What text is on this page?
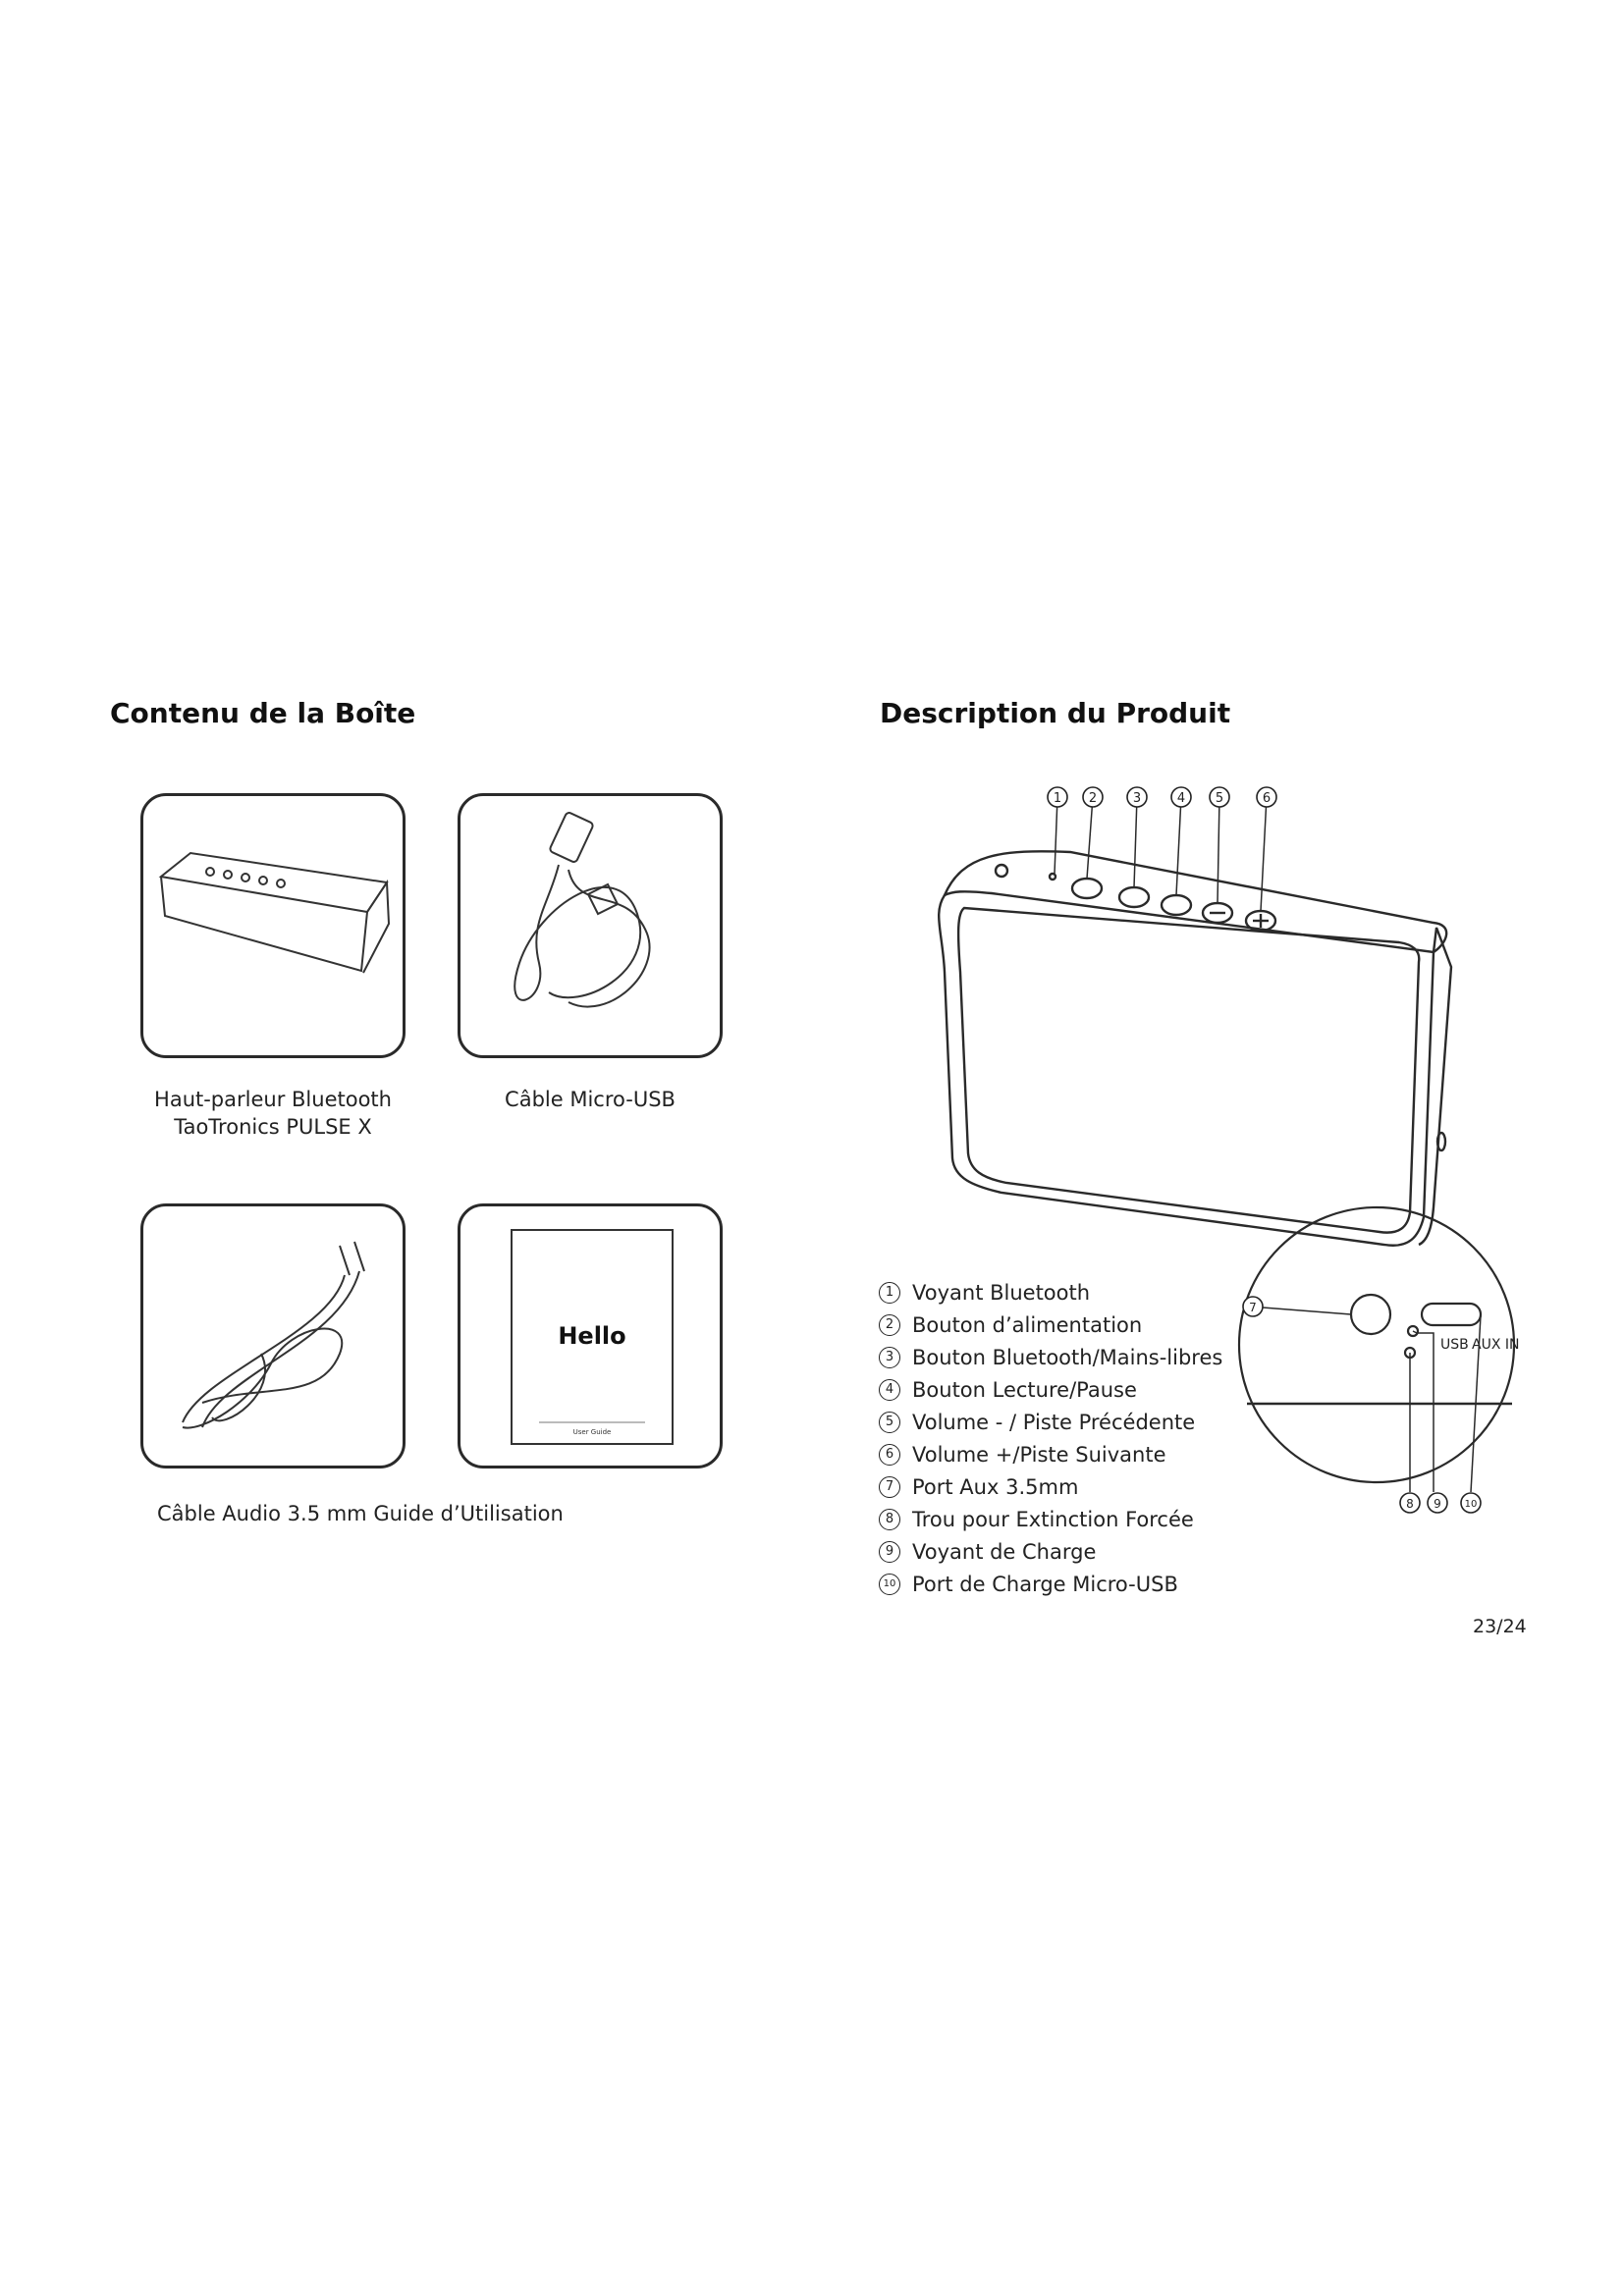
Contenu de la Boîte
Haut-parleur Bluetooth
TaoTronics PULSE X
Câble Micro-USB
Hello
User Guide
Câble Audio 3.5 mm Guide d’Utilisation
Description du Produit
1 2	3	4 5	6
USB AUX IN
7
8 9 10
1 Voyant Bluetooth
2 Bouton d’alimentation
3 Bouton Bluetooth/Mains-libres
4 Bouton Lecture/Pause
5 Volume - / Piste Précédente
6 Volume +/Piste Suivante
7 Port Aux 3.5mm
8 Trou pour Extinction Forcée
9 Voyant de Charge
10 Port de Charge Micro-USB
23/24
